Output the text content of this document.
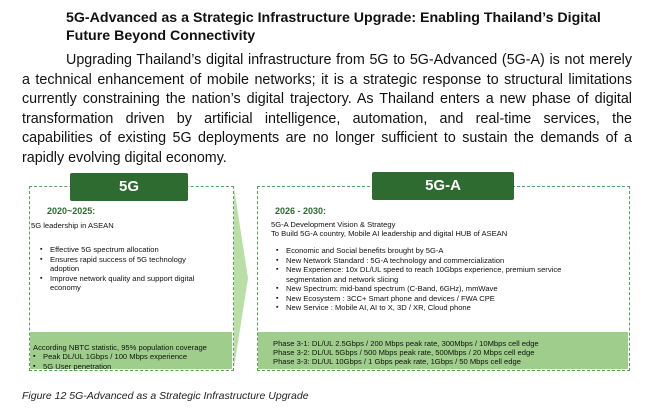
5G-Advanced as a Strategic Infrastructure Upgrade: Enabling Thailand’s Digital Future Beyond Connectivity
Upgrading Thailand’s digital infrastructure from 5G to 5G-Advanced (5G-A) is not merely a technical enhancement of mobile networks; it is a strategic response to structural limitations currently constraining the nation’s digital trajectory. As Thailand enters a new phase of digital transformation driven by artificial intelligence, automation, and real-time services, the capabilities of existing 5G deployments are no longer sufficient to sustain the demands of a rapidly evolving digital economy.
5G
2020~2025:
5G leadership in ASEAN
▪ Effective 5G spectrum allocation
▪ Ensures rapid success of 5G technology adoption
▪ Improve network quality and support digital economy
According NBTC statistic, 95% population coverage
▪ Peak DL/UL 1Gbps / 100 Mbps experience
▪ 5G User penetration
5G-A
2026 - 2030:
5G-A Development Vision & Strategy
To Build 5G-A country, Mobile AI leadership and digital HUB of ASEAN
▪ Economic and Social benefits brought by 5G-A
▪ New Network Standard : 5G-A technology and commercialization
▪ New Experience: 10x DL/UL speed to reach 10Gbps experience, premium service segmentation and network slicing
▪ New Spectrum: mid-band spectrum (C-Band, 6GHz), mmWave
▪ New Ecosystem : 3CC+ Smart phone and devices / FWA CPE
▪ New Service : Mobile AI, AI to X, 3D / XR, Cloud phone
Phase 3-1: DL/UL 2.5Gbps / 200 Mbps peak rate, 300Mbps / 10Mbps cell edge
Phase 3-2: DL/UL 5Gbps / 500 Mbps peak rate, 500Mbps / 20 Mbps cell edge
Phase 3-3: DL/UL 10Gbps / 1 Gbps peak rate, 1Gbps / 50 Mbps cell edge
Figure 12 5G-Advanced as a Strategic Infrastructure Upgrade
